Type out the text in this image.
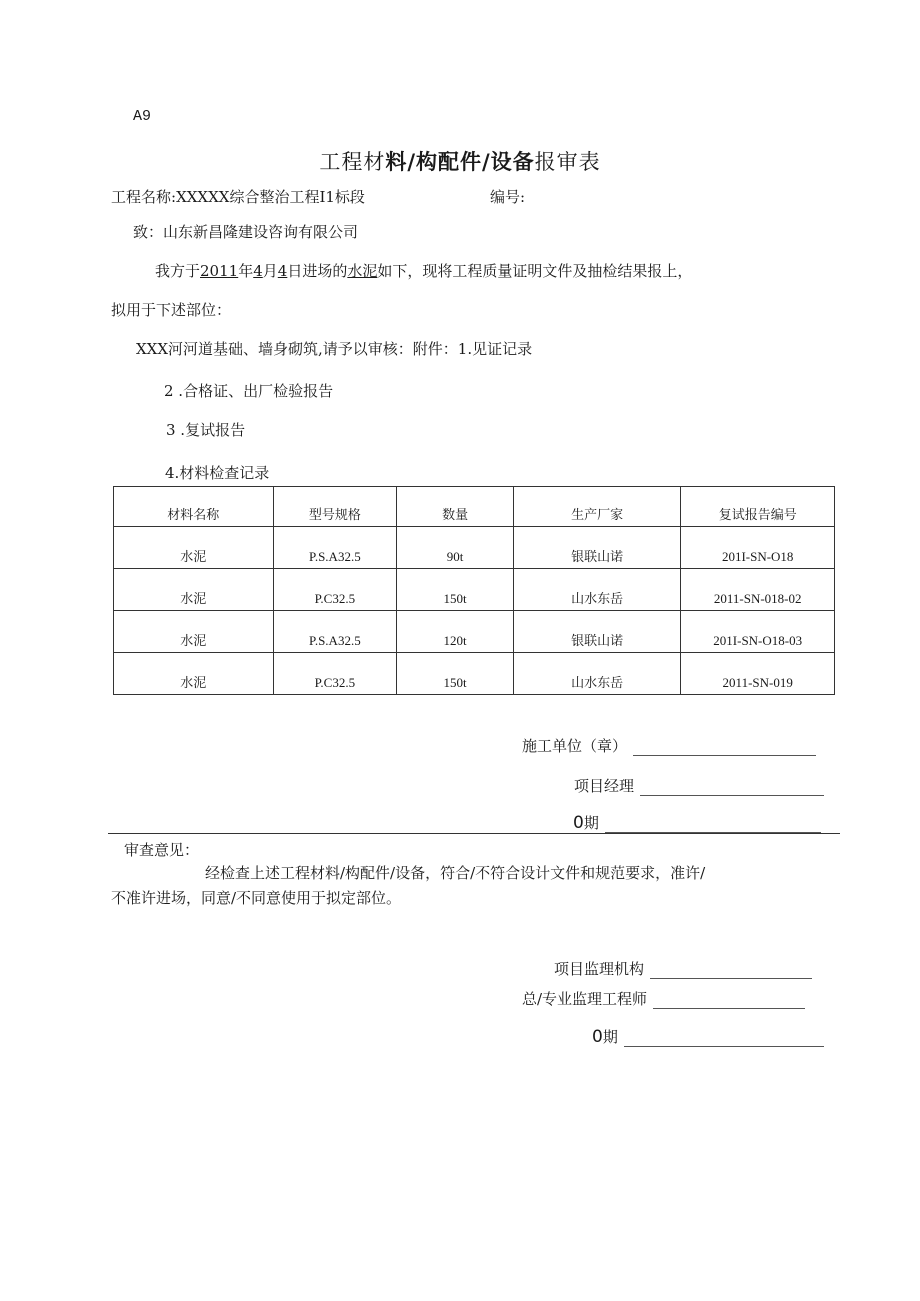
A9
工程材料/构配件/设备报审表
工程名称:XXXXX综合整治工程I1标段	编号:
致：山东新昌隆建设咨询有限公司
我方于2011年4月4日进场的水泥如下，现将工程质量证明文件及抽检结果报上，
拟用于下述部位：
XXX河河道基础、墙身砌筑,请予以审核：附件：1.见证记录
2 .合格证、出厂检验报告
3 .复试报告
4.材料检查记录
材料名称	型号规格	数量	生产厂家	复试报告编号
水泥	P.S.A32.5	90t	银联山诺	201I-SN-O18
水泥	P.C32.5	150t	山水东岳	2011-SN-018-02
水泥	P.S.A32.5	120t	银联山诺	201I-SN-O18-03
水泥	P.C32.5	150t	山水东岳	2011-SN-019
施工单位（章）
项目经理
0期
审查意见：
经检查上述工程材料/构配件/设备，符合/不符合设计文件和规范要求，准许/
不准许进场，同意/不同意使用于拟定部位。
项目监理机构
总/专业监理工程师
0期
